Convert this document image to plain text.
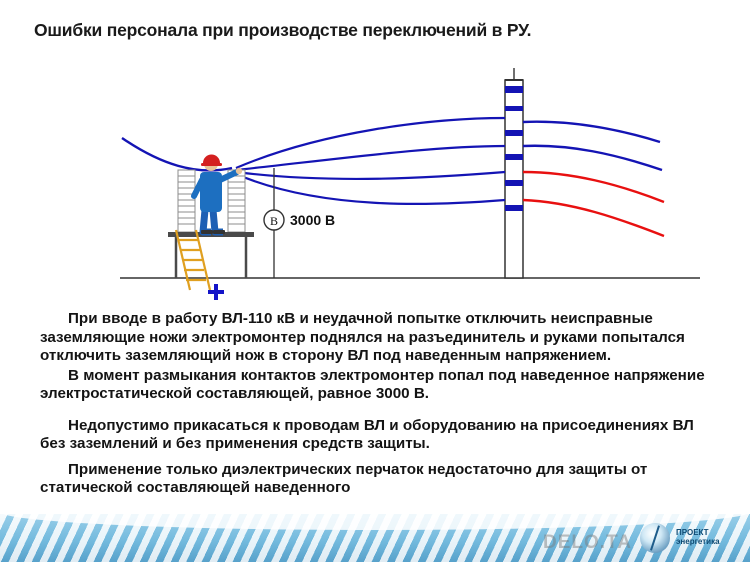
Ошибки персонала при производстве переключений в РУ.
В 3000 В

При вводе в работу ВЛ-110 кВ и неудачной попытке отключить неисправные заземляющие ножи электромонтер поднялся на разъединитель и руками попытался отключить заземляющий нож в сторону ВЛ под наведенным напряжением.

В момент размыкания контактов электромонтер попал под наведенное напряжение электростатической составляющей, равное 3000 В.

Недопустимо прикасаться к проводам ВЛ и оборудованию на присоединениях ВЛ без заземлений и без применения средств защиты.

Применение только диэлектрических перчаток недостаточно для защиты от статической составляющей наведенного

ПРОЕКТ
энергетика
DELO.TA
